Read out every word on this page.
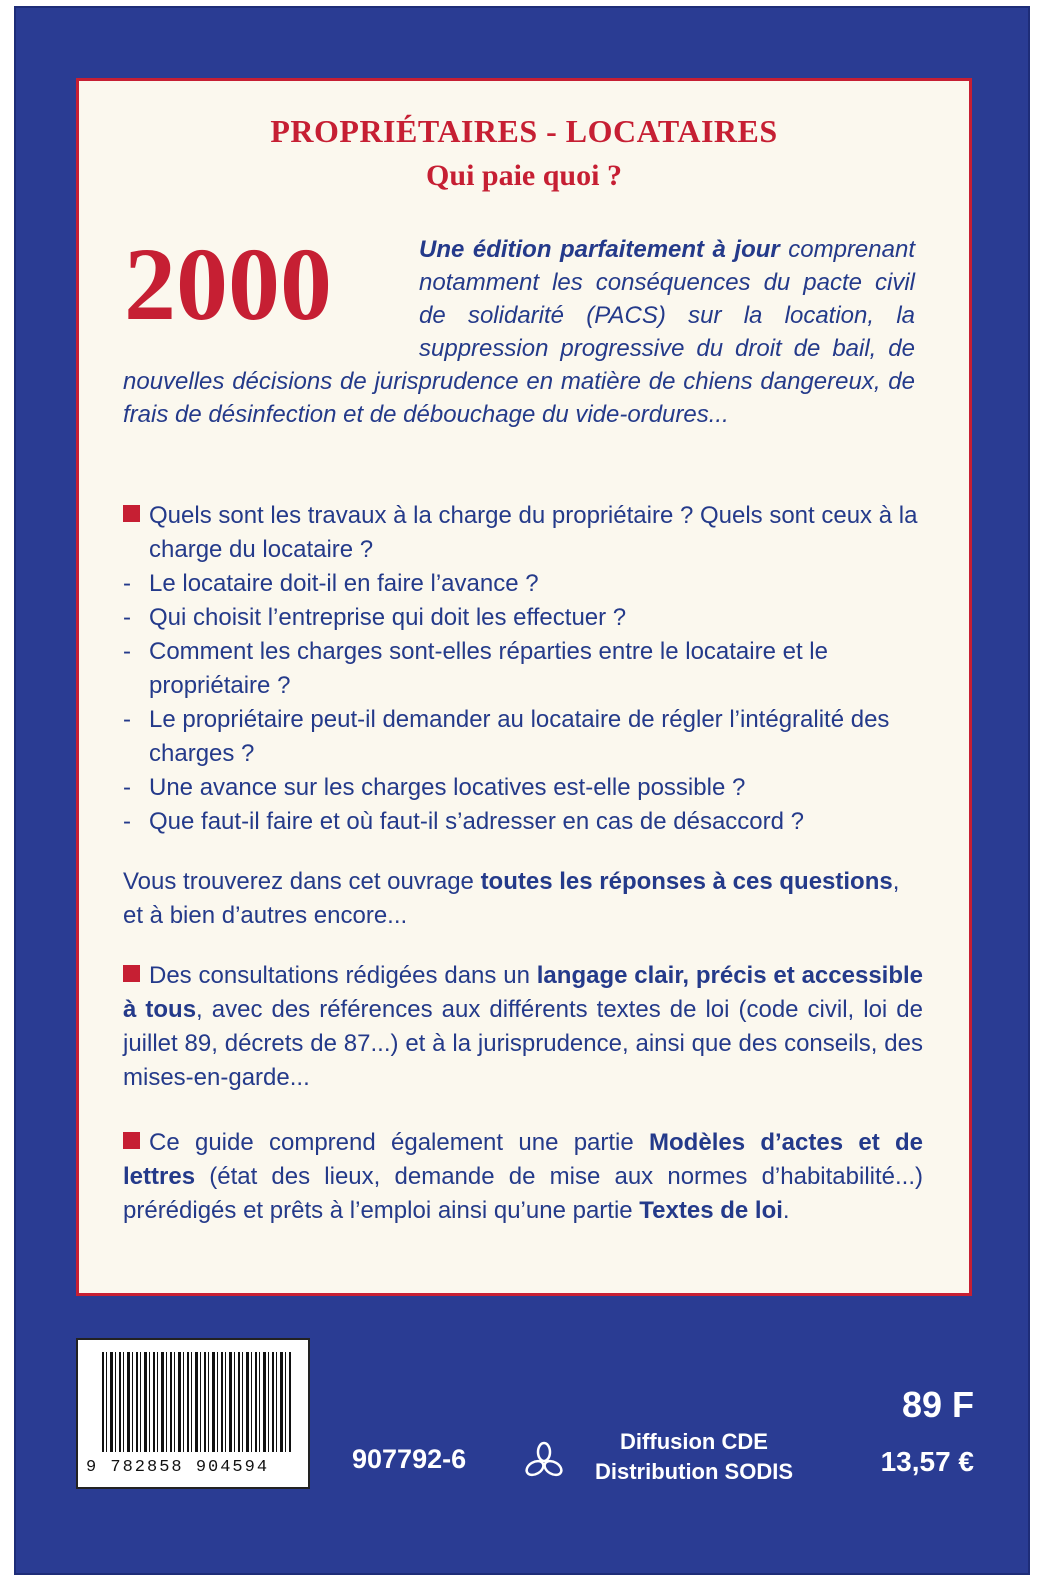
PROPRIÉTAIRES - LOCATAIRES
Qui paie quoi ?
2000	Une édition parfaitement à jour comprenant notamment les conséquences du pacte civil de solidarité (PACS) sur la location, la suppression progressive du droit de bail, de nouvelles décisions de jurisprudence en matière de chiens dangereux, de frais de désinfection et de débouchage du vide-ordures...
Quels sont les travaux à la charge du propriétaire ? Quels sont ceux à la charge du locataire ?
- Le locataire doit-il en faire l’avance ?
- Qui choisit l’entreprise qui doit les effectuer ?
- Comment les charges sont-elles réparties entre le locataire et le propriétaire ?
- Le propriétaire peut-il demander au locataire de régler l’intégralité des charges ?
- Une avance sur les charges locatives est-elle possible ?
- Que faut-il faire et où faut-il s’adresser en cas de désaccord ?
Vous trouverez dans cet ouvrage toutes les réponses à ces questions, et à bien d’autres encore...
Des consultations rédigées dans un langage clair, précis et accessible à tous, avec des références aux différents textes de loi (code civil, loi de juillet 89, décrets de 87...) et à la jurisprudence, ainsi que des conseils, des mises-en-garde...
Ce guide comprend également une partie Modèles d’actes et de lettres (état des lieux, demande de mise aux normes d’habitabilité...) prérédigés et prêts à l’emploi ainsi qu’une partie Textes de loi.
9 782858 904594	907792-6
Diffusion CDE
Distribution SODIS
89 F
13,57 €
